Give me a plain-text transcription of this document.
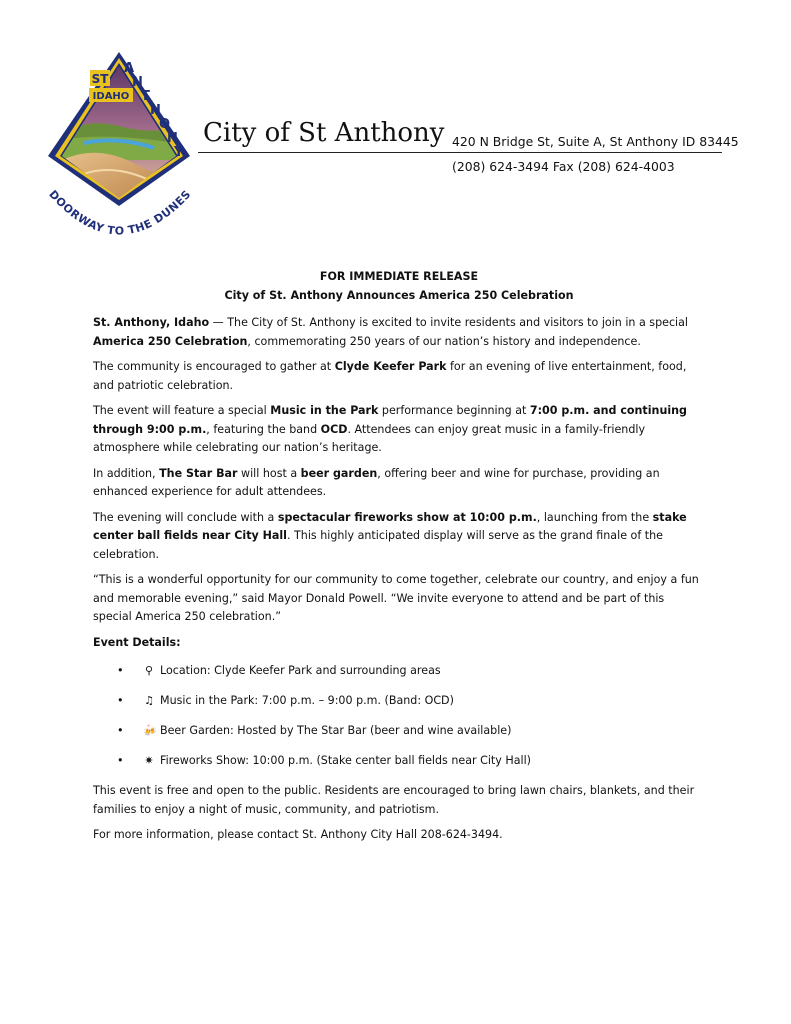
ST
IDAHO
A N T H O N Y
DOORWAY TO THE DUNES
City of St Anthony 420 N Bridge St, Suite A, St Anthony ID 83445
(208) 624-3494 Fax (208) 624-4003
FOR IMMEDIATE RELEASE
City of St. Anthony Announces America 250 Celebration

St. Anthony, Idaho — The City of St. Anthony is excited to invite residents and visitors to join in a special America 250 Celebration, commemorating 250 years of our nation’s history and independence.

The community is encouraged to gather at Clyde Keefer Park for an evening of live entertainment, food, and patriotic celebration.

The event will feature a special Music in the Park performance beginning at 7:00 p.m. and continuing through 9:00 p.m., featuring the band OCD. Attendees can enjoy great music in a family-friendly atmosphere while celebrating our nation’s heritage.

In addition, The Star Bar will host a beer garden, offering beer and wine for purchase, providing an enhanced experience for adult attendees.

The evening will conclude with a spectacular fireworks show at 10:00 p.m., launching from the stake center ball fields near City Hall. This highly anticipated display will serve as the grand finale of the celebration.

“This is a wonderful opportunity for our community to come together, celebrate our country, and enjoy a fun and memorable evening,” said Mayor Donald Powell. “We invite everyone to attend and be part of this special America 250 celebration.”

Event Details:
• ⚲ Location: Clyde Keefer Park and surrounding areas
• ♫ Music in the Park: 7:00 p.m. – 9:00 p.m. (Band: OCD)
• 🍻 Beer Garden: Hosted by The Star Bar (beer and wine available)
• ✷ Fireworks Show: 10:00 p.m. (Stake center ball fields near City Hall)

This event is free and open to the public. Residents are encouraged to bring lawn chairs, blankets, and their families to enjoy a night of music, community, and patriotism.

For more information, please contact St. Anthony City Hall 208-624-3494.
